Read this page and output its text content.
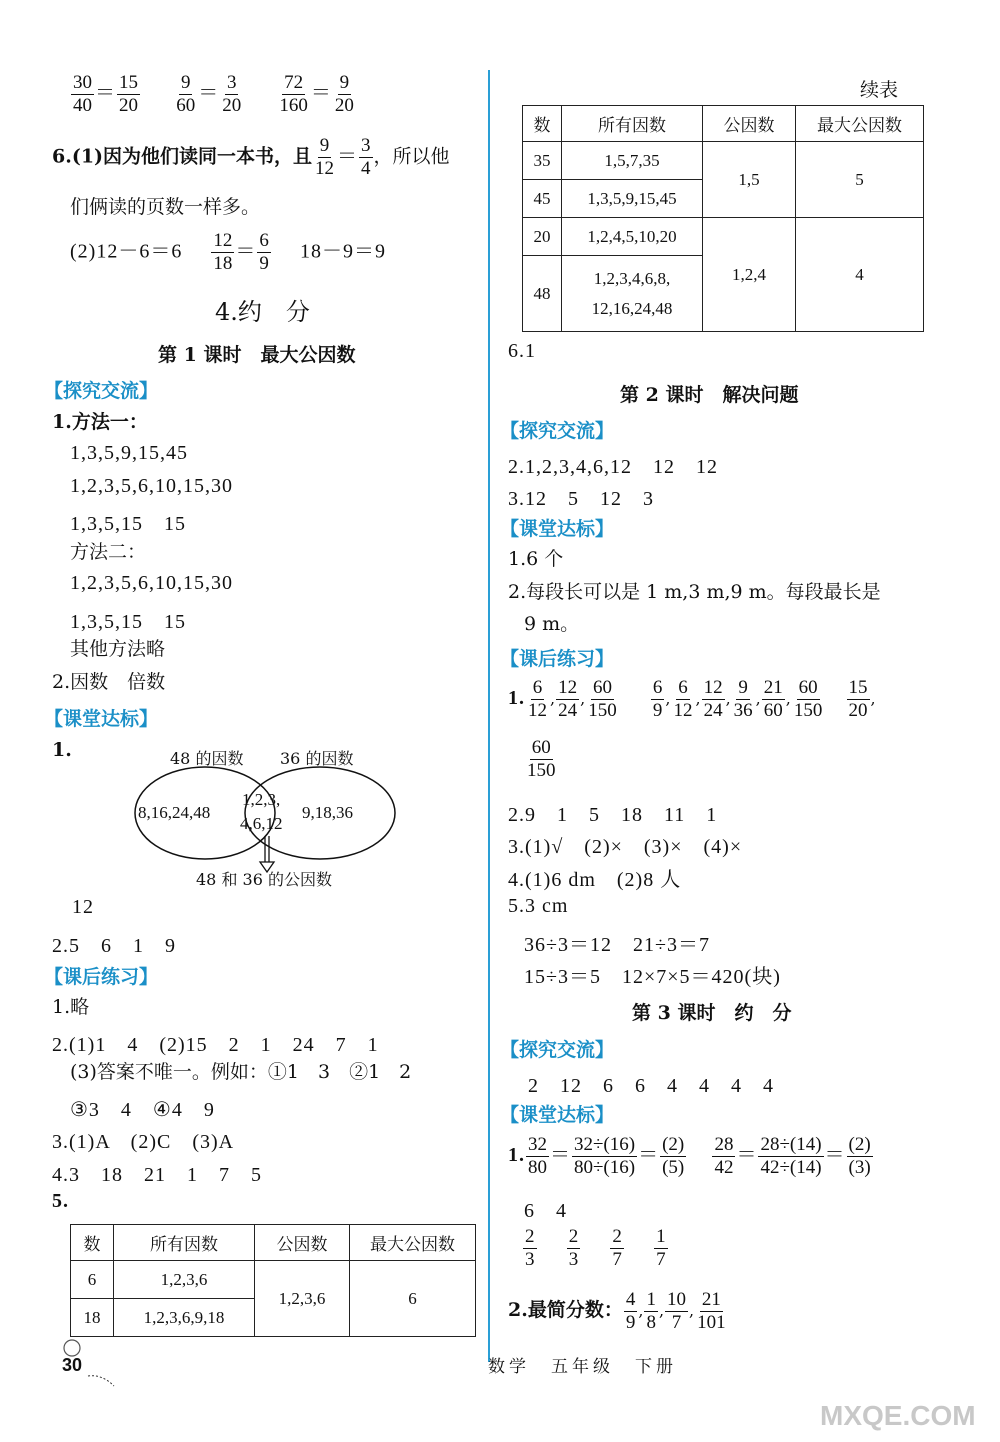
$\frac{30}{40} = \frac{15}{20}$
$\frac{9}{60} = \frac{3}{20}$
$\frac{72}{160} = \frac{9}{20}$
6.(1)因为他们读同一本书，且 $\frac{9}{12} = \frac{3}{4}$ ，所以他
们俩读的页数一样多。
$(2)12-6=6 \frac{12}{18} = \frac{6}{9} 18-9=9$
4.约　分
第 1 课时　最大公因数
【探究交流】
1.方法一：
1,3,5,9,15,45
1,2,3,5,6,10,15,30
1,3,5,15　15
方法二：
1,2,3,5,6,10,15,30
1,3,5,15　15
其他方法略
2.因数　倍数
【课堂达标】
1.	48 的因数 36 的因数
8,16,24,48
1,2,3,
4,6,12
9,18,36
48 和 36 的公因数
12
2.5　6　1　9
【课后练习】
1.略
2.(1)1　4　(2)15　2　1　24　7　1
(3)答案不唯一。例如：①1　3　②1　2
③3　4　④4　9
3.(1)A　(2)C　(3)A
4.3　18　21　1　7　5
5.
数	所有因数	公因数	最大公因数
6	1,2,3,6	1,2,3,6	6
18	1,2,3,6,9,18		
30
续表
数	所有因数	公因数	最大公因数
35	1,5,7,35	1,5	5
45	1,3,5,9,15,45		
20	1,2,4,5,10,20	1,2,4	4
48	1,2,3,4,6,8,
12,16,24,48		
6.1
第 2 课时　解决问题
【探究交流】
2.1,2,3,4,6,12　12　12
3.12　5　12　3
【课堂达标】
1.6 个
2.每段长可以是 1 m,3 m,9 m。每段最长是
9 m。
【课后练习】
1. $\frac{6}{12}$ , $\frac{12}{24}$ , $\frac{60}{150}$
$\frac{6}{9}$ , $\frac{6}{12}$ , $\frac{12}{24}$ , $\frac{9}{36}$ , $\frac{21}{60}$ , $\frac{60}{150}$
$\frac{15}{20}$ ,
$\frac{60}{150}$
2.9　1　5　18　11　1
3.(1)√　(2)×　(3)×　(4)×
4.(1)6 dm　(2)8 人
5.3 cm
36÷3＝12　21÷3＝7
15÷3＝5　12×7×5＝420(块)
第 3 课时　约　分
【探究交流】
2　12　6　6　4　4　4　4
【课堂达标】
1. $\frac{32}{80} = \frac{32\div(16)}{80\div(16)} = \frac{(2)}{(5)}$
$\frac{28}{42} = \frac{28\div(14)}{42\div(14)} = \frac{(2)}{(3)}$
6　4
$\frac{2}{3}$
$\frac{2}{3}$
$\frac{2}{7}$
$\frac{1}{7}$
2.最简分数： $\frac{4}{9}$ , $\frac{1}{8}$ , $\frac{10}{7}$ , $\frac{21}{101}$
数学　五年级　下册
MXQE.COM
